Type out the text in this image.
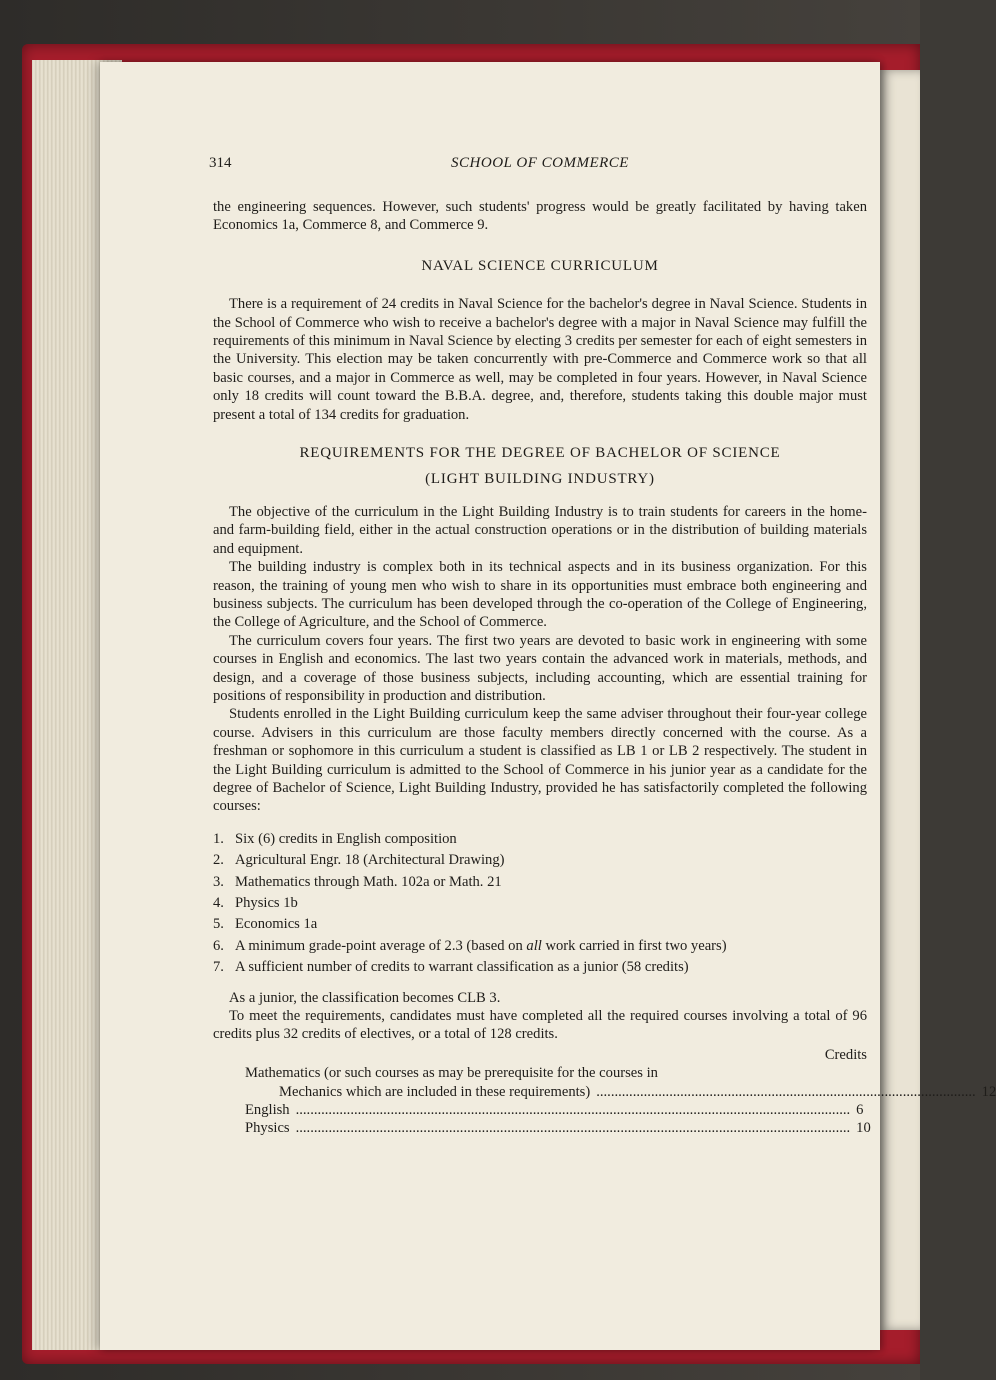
314	SCHOOL OF COMMERCE

the engineering sequences. However, such students' progress would be greatly facilitated by having taken Economics 1a, Commerce 8, and Commerce 9.

NAVAL SCIENCE CURRICULUM

There is a requirement of 24 credits in Naval Science for the bachelor's degree in Naval Science. Students in the School of Commerce who wish to receive a bachelor's degree with a major in Naval Science may fulfill the requirements of this minimum in Naval Science by electing 3 credits per semester for each of eight semesters in the University. This election may be taken concurrently with pre-Commerce and Commerce work so that all basic courses, and a major in Commerce as well, may be completed in four years. However, in Naval Science only 18 credits will count toward the B.B.A. degree, and, therefore, students taking this double major must present a total of 134 credits for graduation.

REQUIREMENTS FOR THE DEGREE OF BACHELOR OF SCIENCE
(LIGHT BUILDING INDUSTRY)

The objective of the curriculum in the Light Building Industry is to train students for careers in the home- and farm-building field, either in the actual construction operations or in the distribution of building materials and equipment.

The building industry is complex both in its technical aspects and in its business organization. For this reason, the training of young men who wish to share in its opportunities must embrace both engineering and business subjects. The curriculum has been developed through the co-operation of the College of Engineering, the College of Agriculture, and the School of Commerce.

The curriculum covers four years. The first two years are devoted to basic work in engineering with some courses in English and economics. The last two years contain the advanced work in materials, methods, and design, and a coverage of those business subjects, including accounting, which are essential training for positions of responsibility in production and distribution.

Students enrolled in the Light Building curriculum keep the same adviser throughout their four-year college course. Advisers in this curriculum are those faculty members directly concerned with the course. As a freshman or sophomore in this curriculum a student is classified as LB 1 or LB 2 respectively. The student in the Light Building curriculum is admitted to the School of Commerce in his junior year as a candidate for the degree of Bachelor of Science, Light Building Industry, provided he has satisfactorily completed the following courses:

1. Six (6) credits in English composition
2. Agricultural Engr. 18 (Architectural Drawing)
3. Mathematics through Math. 102a or Math. 21
4. Physics 1b
5. Economics 1a
6. A minimum grade-point average of 2.3 (based on all work carried in first two years)
7. A sufficient number of credits to warrant classification as a junior (58 credits)

As a junior, the classification becomes CLB 3.

To meet the requirements, candidates must have completed all the required courses involving a total of 96 credits plus 32 credits of electives, or a total of 128 credits.

Credits
Mathematics (or such courses as may be prerequisite for the courses in
Mechanics which are included in these requirements) ........................................................................................................ 12
English ........................................................................................................................................................ 6
Physics ........................................................................................................................................................ 10
